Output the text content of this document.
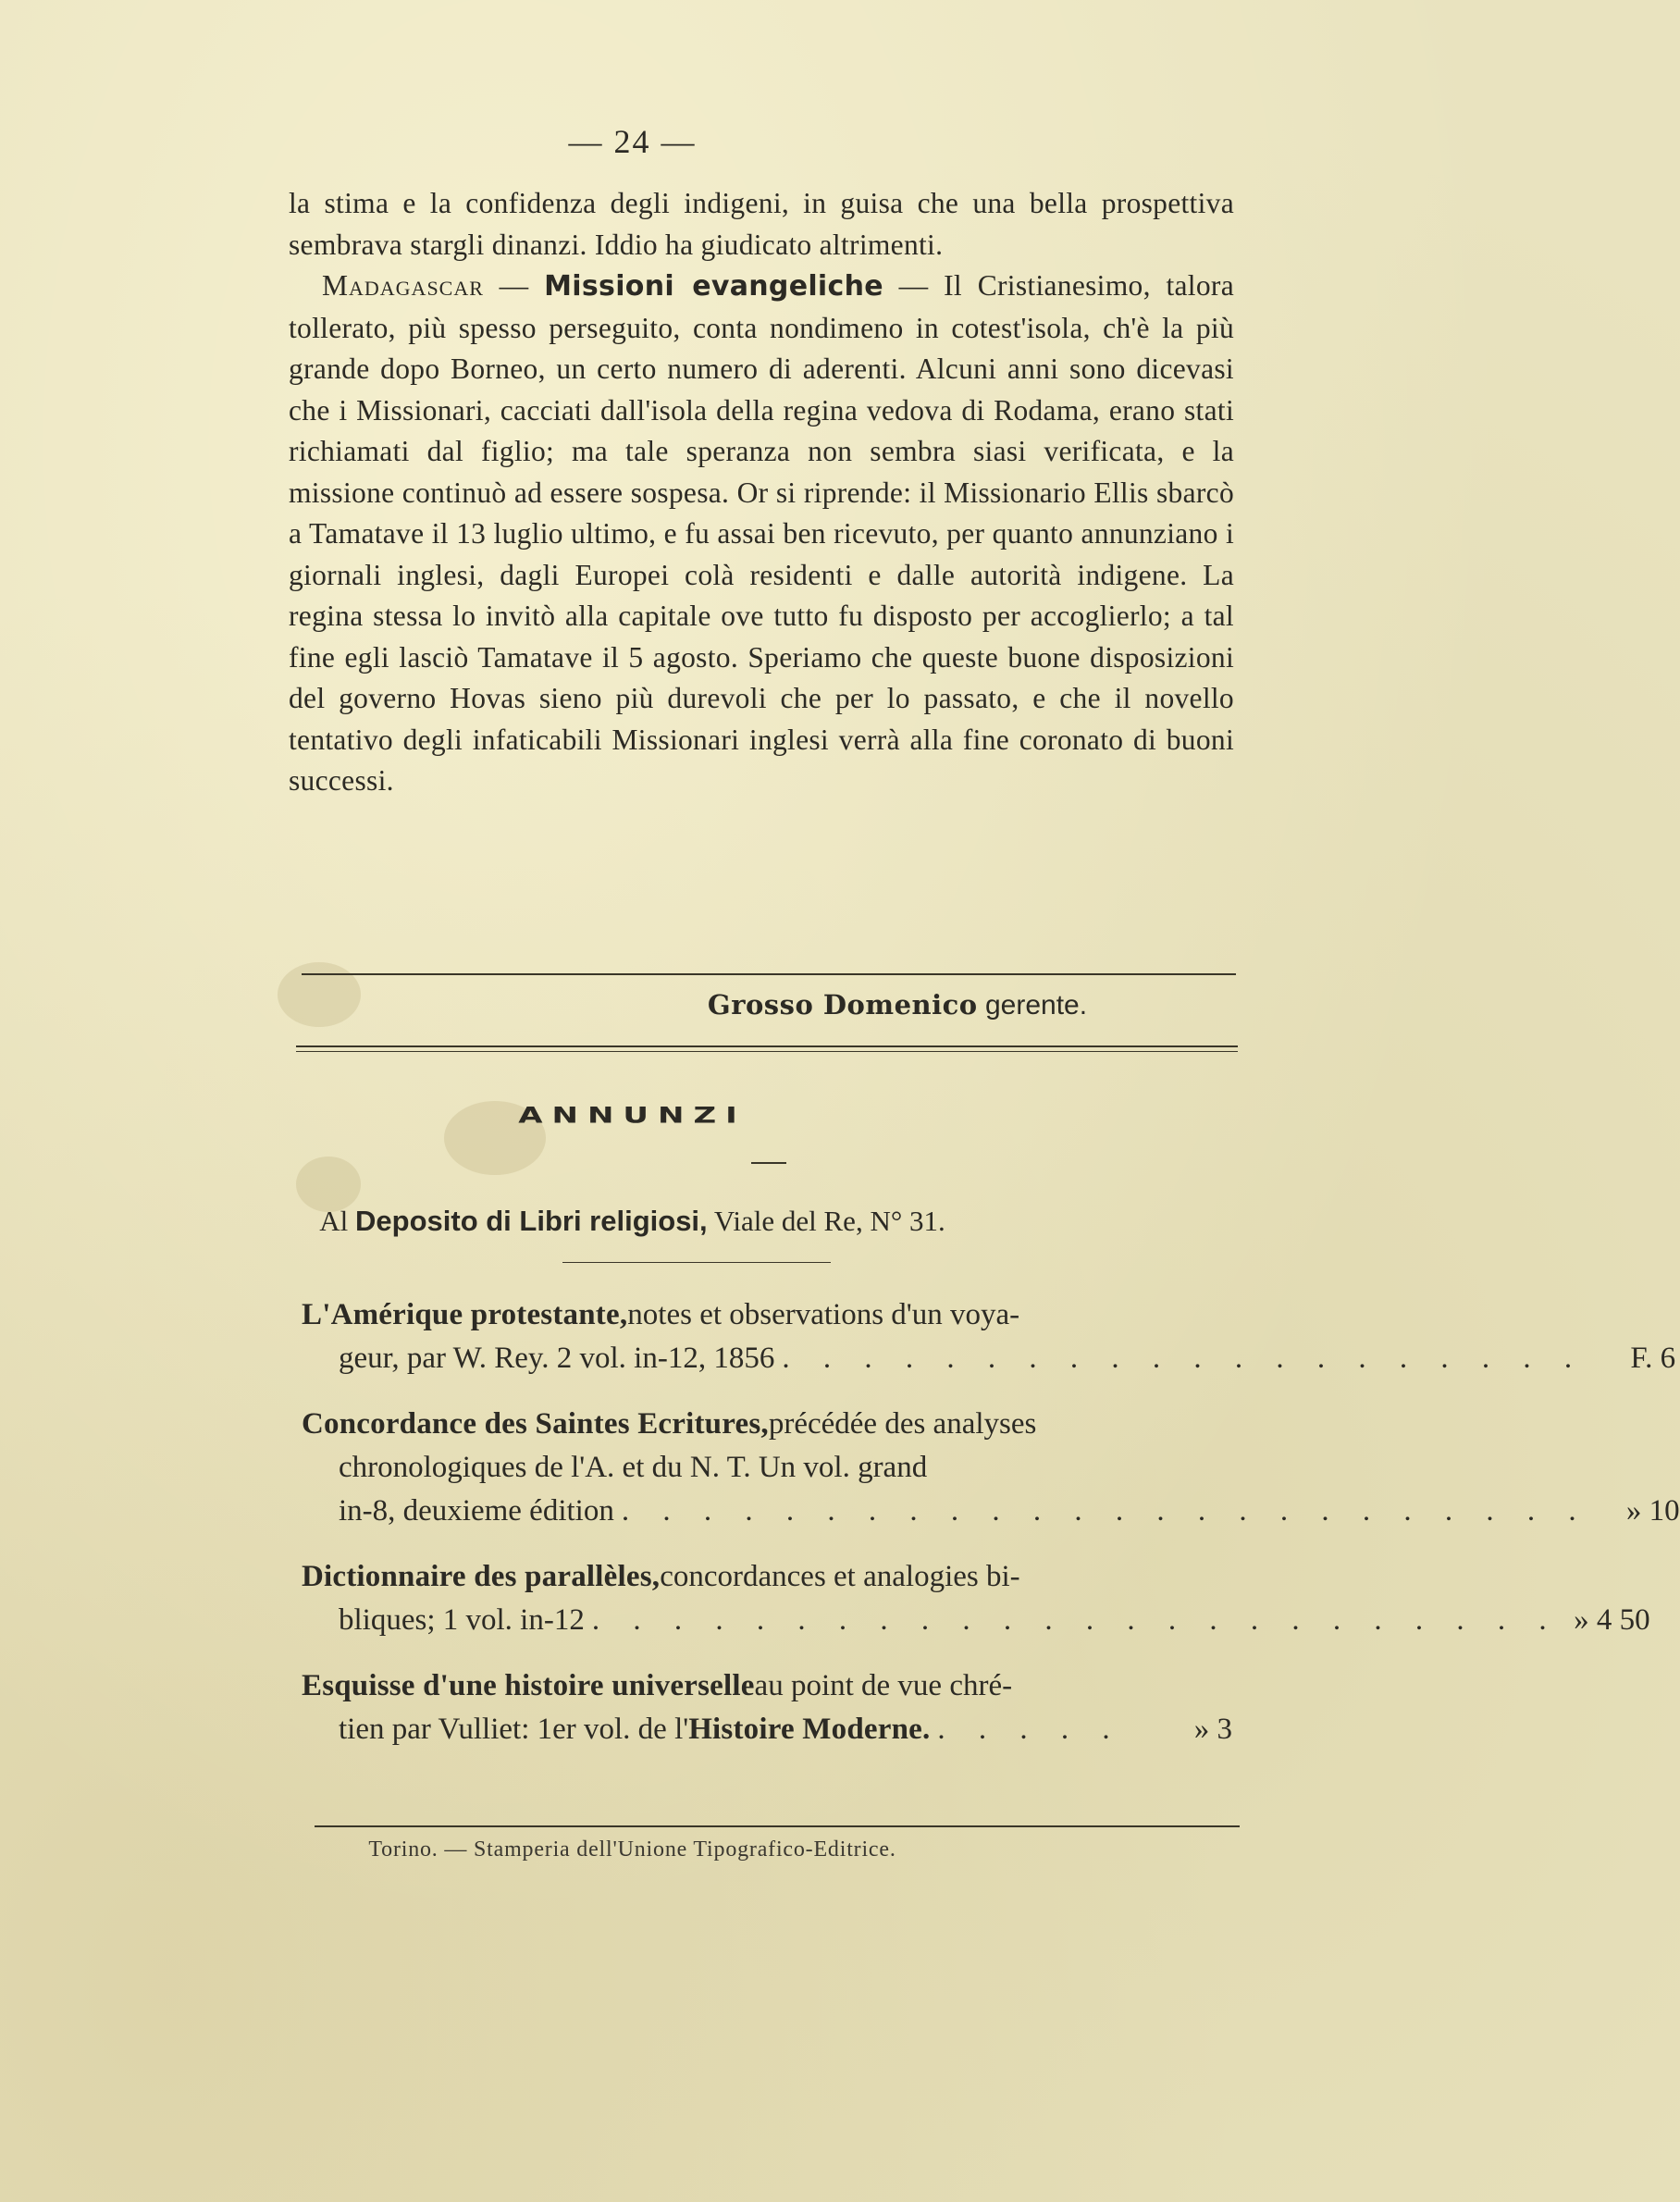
— 24 —

la stima e la confidenza degli indigeni, in guisa che una bella prospettiva sembrava stargli dinanzi. Iddio ha giudicato altrimenti.

Madagascar — Missioni evangeliche — Il Cristianesimo, talora tollerato, più spesso perseguito, conta nondimeno in cotest'isola, ch'è la più grande dopo Borneo, un certo numero di aderenti. Alcuni anni sono dicevasi che i Missionari, cacciati dall'isola della regina vedova di Rodama, erano stati richiamati dal figlio; ma tale speranza non sembra siasi verificata, e la missione continuò ad essere sospesa. Or si riprende: il Missionario Ellis sbarcò a Tamatave il 13 luglio ultimo, e fu assai ben ricevuto, per quanto annunziano i giornali inglesi, dagli Europei colà residenti e dalle autorità indigene. La regina stessa lo invitò alla capitale ove tutto fu disposto per accoglierlo; a tal fine egli lasciò Tamatave il 5 agosto. Speriamo che queste buone disposizioni del governo Hovas sieno più durevoli che per lo passato, e che il novello tentativo degli infaticabili Missionari inglesi verrà alla fine coronato di buoni successi.

Grosso Domenico gerente.
ANNUNZI
Al Deposito di Libri religiosi, Viale del Re, N° 31.
L'Amérique protestante, notes et observations d'un voya-
geur, par W. Rey. 2 vol. in-12, 1856 . . . . . . . . . . . . . . . . . . . .	F. 6
Concordance des Saintes Ecritures, précédée des analyses
chronologiques de l'A. et du N. T. Un vol. grand
in-8, deuxieme édition . . . . . . . . . . . . . . . . . . . . . . . .	» 10
Dictionnaire des parallèles, concordances et analogies bi-
bliques; 1 vol. in-12 . . . . . . . . . . . . . . . . . . . . . . . . » 4 50
Esquisse d'une histoire universelle au point de vue chré-
tien par Vulliet: 1er vol. de l' Histoire Moderne. . . . . .	» 3
Torino. — Stamperia dell'Unione Tipografico-Editrice.
